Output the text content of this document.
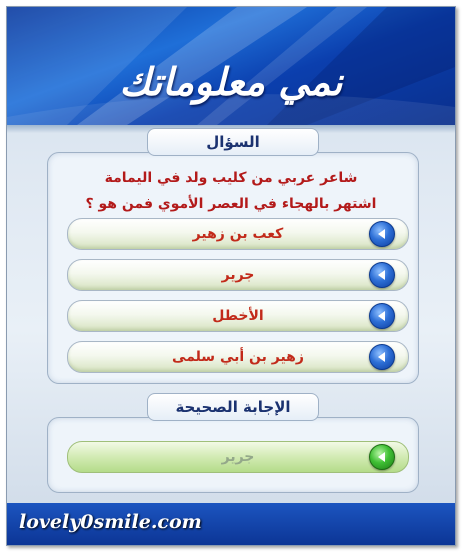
نمي معلوماتك
السؤال
شاعر عربي من كليب ولد في اليمامة
اشتهر بالهجاء في العصر الأموي فمن هو ؟
كعب بن زهير
جرير
الأخطل
زهير بن أبي سلمى
الإجابة الصحيحة
جرير
lovely0smile.com
